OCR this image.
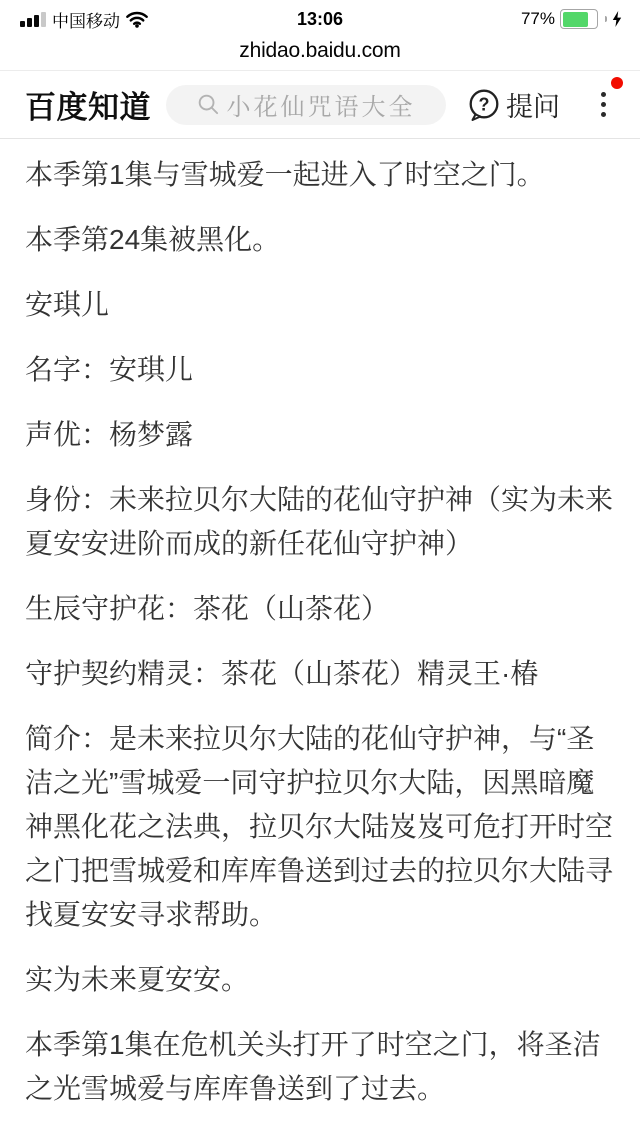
中国移动	13:06	77%
zhidao.baidu.com
百度知道	小花仙咒语大全	? 提问

本季第1集与雪城爱一起进入了时空之门。

本季第24集被黑化。

安琪儿

名字：安琪儿

声优：杨梦露

身份：未来拉贝尔大陆的花仙守护神（实为未来夏安安进阶而成的新任花仙守护神）

生辰守护花：茶花（山茶花）

守护契约精灵：茶花（山茶花）精灵王·椿

简介：是未来拉贝尔大陆的花仙守护神，与“圣洁之光”雪城爱一同守护拉贝尔大陆，因黑暗魔神黑化花之法典，拉贝尔大陆岌岌可危打开时空之门把雪城爱和库库鲁送到过去的拉贝尔大陆寻找夏安安寻求帮助。

实为未来夏安安。

本季第1集在危机关头打开了时空之门，将圣洁之光雪城爱与库库鲁送到了过去。
